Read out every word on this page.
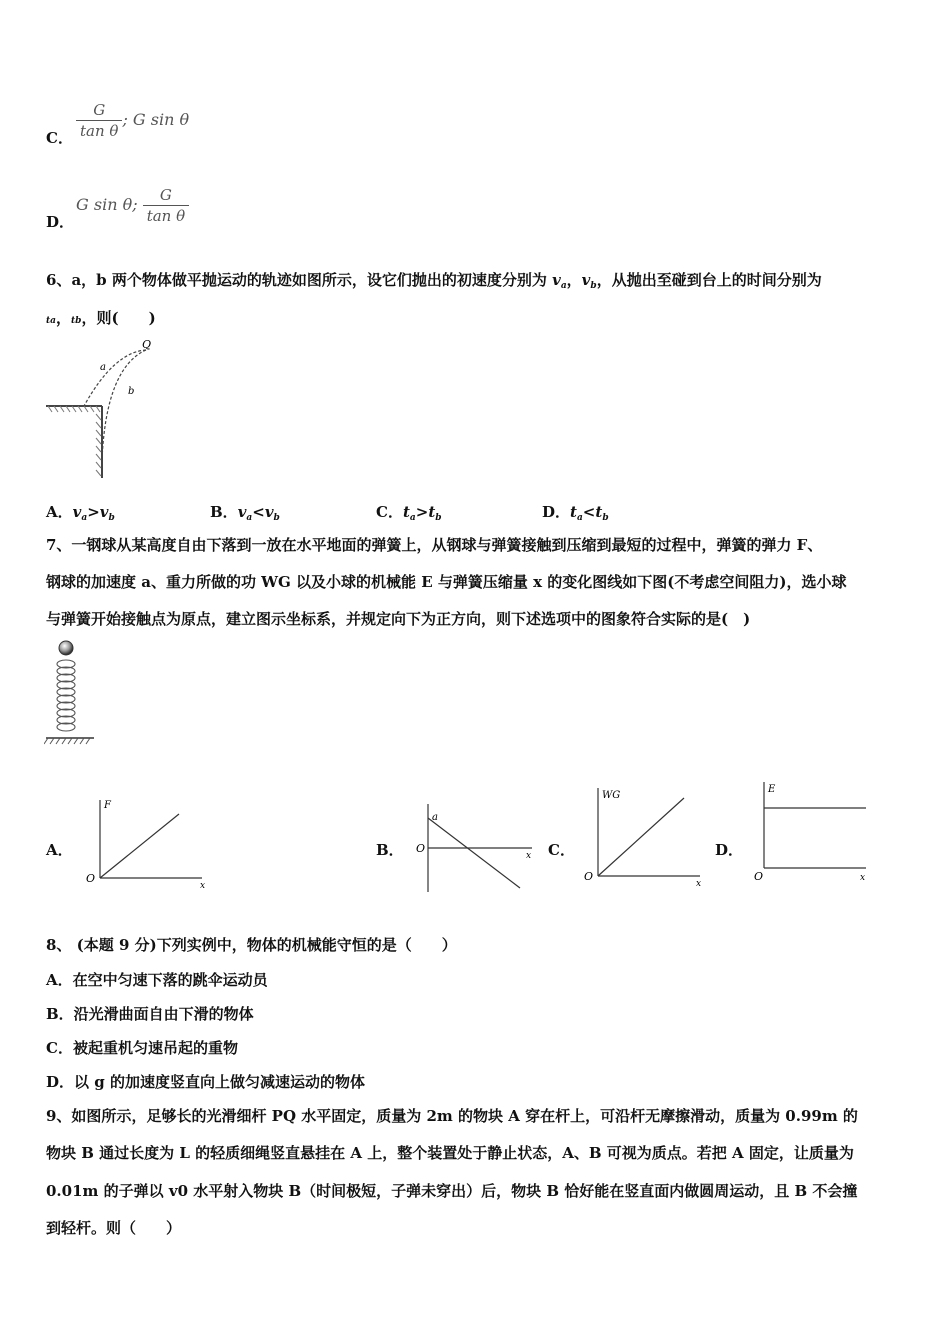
C． $\frac{G}{\text{tan θ}}$ ; G sin θ
D．
G sin θ; $\frac{G}{\text{tan θ}}$
6、a，b 两个物体做平抛运动的轨迹如图所示，设它们抛出的初速度分别为 $v_a$，$v_b$，从抛出至碰到台上的时间分别为
ta，tb，则(　　)
Q
a
b
A．$v_a>v_b$	B．$v_a<v_b$	C．$t_a>t_b$	D．$t_a<t_b$
7、一钢球从某高度自由下落到一放在水平地面的弹簧上，从钢球与弹簧接触到压缩到最短的过程中，弹簧的弹力 F、
钢球的加速度 a、重力所做的功 WG 以及小球的机械能 E 与弹簧压缩量 x 的变化图线如下图(不考虑空间阻力)，选小球
与弹簧开始接触点为原点，建立图示坐标系，并规定向下为正方向，则下述选项中的图象符合实际的是(　)
A．	B．	C．	D．
F
x
O
a
x
O
WG
x
O
E
x
O
8、 (本题 9 分)下列实例中，物体的机械能守恒的是（　　）
A．在空中匀速下落的跳伞运动员
B．沿光滑曲面自由下滑的物体
C．被起重机匀速吊起的重物
D．以 g 的加速度竖直向上做匀减速运动的物体
9、如图所示，足够长的光滑细杆 PQ 水平固定，质量为 2m 的物块 A 穿在杆上，可沿杆无摩擦滑动，质量为 0.99m 的
物块 B 通过长度为 L 的轻质细绳竖直悬挂在 A 上，整个装置处于静止状态，A、B 可视为质点。若把 A 固定，让质量为
0.01m 的子弹以 v0 水平射入物块 B（时间极短，子弹未穿出）后，物块 B 恰好能在竖直面内做圆周运动，且 B 不会撞
到轻杆。则（　　）
